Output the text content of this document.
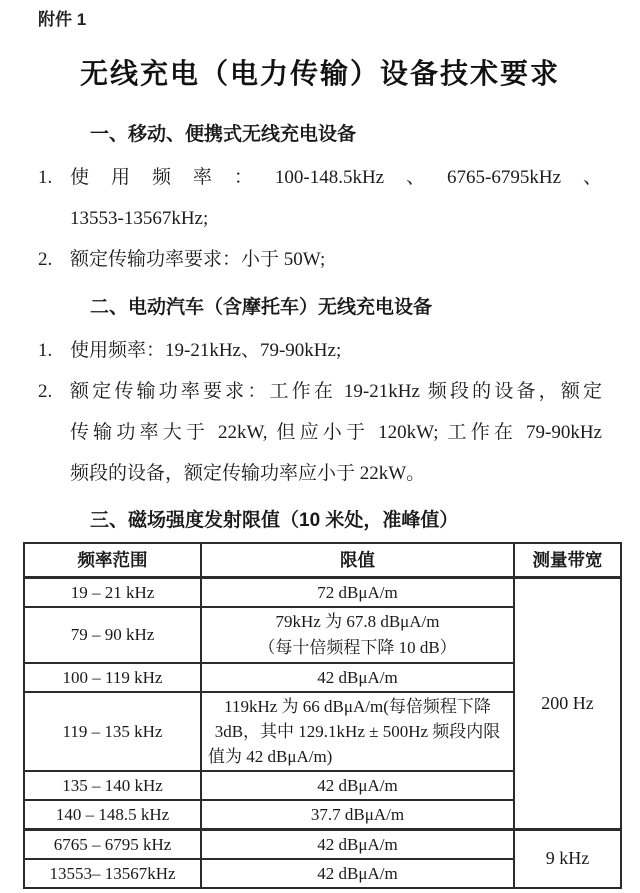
附件 1
无线充电（电力传输）设备技术要求
一、移动、便携式无线充电设备
1. 使用频率：100-148.5kHz、6765-6795kHz、
13553-13567kHz;
2. 额定传输功率要求：小于 50W;
二、电动汽车（含摩托车）无线充电设备
1. 使用频率：19-21kHz、79-90kHz;
2. 额定传输功率要求：工作在 19-21kHz 频段的设备，额定
传输功率大于 22kW, 但应小于 120kW; 工作在 79-90kHz
频段的设备，额定传输功率应小于 22kW。
三、磁场强度发射限值（10 米处，准峰值）
频率范围	限值	测量带宽
19 – 21 kHz	72 dBμA/m	200 Hz
79 – 90 kHz	79kHz 为 67.8 dBμA/m
（每十倍频程下降 10 dB）	

100 – 119 kHz	42 dBμA/m	
119 – 135 kHz	119kHz 为 66 dBμA/m(每倍频程下降 3dB，其中 129.1kHz ± 500Hz 频段内限值为 42 dBμA/m)	
135 – 140 kHz	42 dBμA/m	
140 – 148.5 kHz	37.7 dBμA/m	
6765 – 6795 kHz	42 dBμA/m	9 kHz
13553– 13567kHz	42 dBμA/m	
